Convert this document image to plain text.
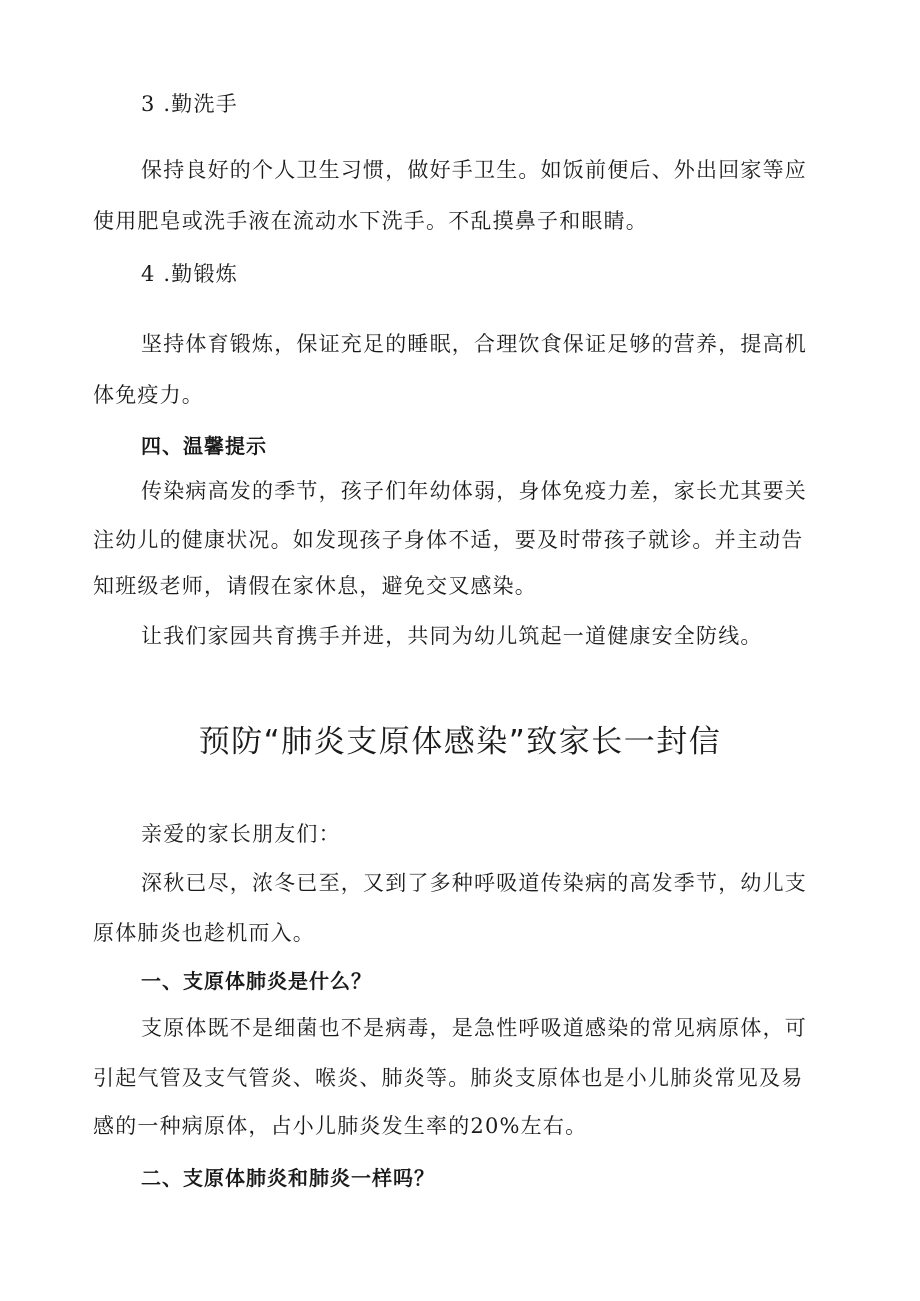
3 .勤洗手
保持良好的个人卫生习惯，做好手卫生。如饭前便后、外出回家等应
使用肥皂或洗手液在流动水下洗手。不乱摸鼻子和眼睛。
4 .勤锻炼
坚持体育锻炼，保证充足的睡眠，合理饮食保证足够的营养，提高机
体免疫力。
四、温馨提示
传染病高发的季节，孩子们年幼体弱，身体免疫力差，家长尤其要关
注幼儿的健康状况。如发现孩子身体不适，要及时带孩子就诊。并主动告
知班级老师，请假在家休息，避免交叉感染。
让我们家园共育携手并进，共同为幼儿筑起一道健康安全防线。
预防“肺炎支原体感染”致家长一封信
亲爱的家长朋友们：
深秋已尽，浓冬已至，又到了多种呼吸道传染病的高发季节，幼儿支
原体肺炎也趁机而入。
一、支原体肺炎是什么？
支原体既不是细菌也不是病毒，是急性呼吸道感染的常见病原体，可
引起气管及支气管炎、喉炎、肺炎等。肺炎支原体也是小儿肺炎常见及易
感的一种病原体，占小儿肺炎发生率的20%左右。
二、支原体肺炎和肺炎一样吗？
